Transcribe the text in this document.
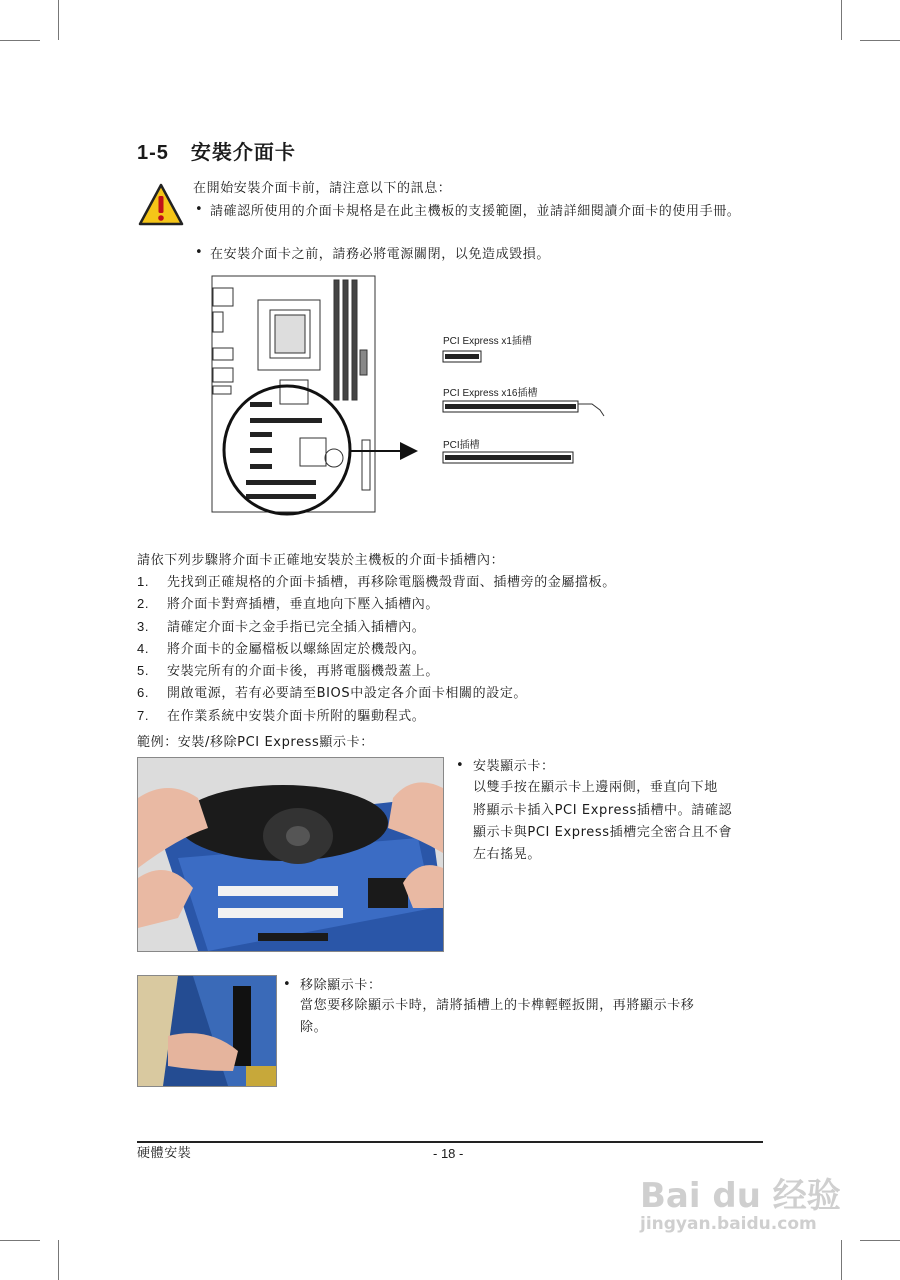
1-5 安裝介面卡
在開始安裝介面卡前，請注意以下的訊息：
• 請確認所使用的介面卡規格是在此主機板的支援範圍，並請詳細閱讀介面卡的使用手冊。
• 在安裝介面卡之前，請務必將電源關閉，以免造成毀損。
PCI Express x1插槽
PCI Express x16插槽
PCI插槽
請依下列步驟將介面卡正確地安裝於主機板的介面卡插槽內：
1. 先找到正確規格的介面卡插槽，再移除電腦機殼背面、插槽旁的金屬擋板。
2. 將介面卡對齊插槽，垂直地向下壓入插槽內。
3. 請確定介面卡之金手指已完全插入插槽內。
4. 將介面卡的金屬檔板以螺絲固定於機殼內。
5. 安裝完所有的介面卡後，再將電腦機殼蓋上。
6. 開啟電源，若有必要請至BIOS中設定各介面卡相關的設定。
7. 在作業系統中安裝介面卡所附的驅動程式。
範例：安裝/移除PCI Express顯示卡：
• 安裝顯示卡：
以雙手按在顯示卡上邊兩側，垂直向下地
將顯示卡插入PCI Express插槽中。請確認
顯示卡與PCI Express插槽完全密合且不會
左右搖晃。
• 移除顯示卡：
當您要移除顯示卡時，請將插槽上的卡榫輕輕扳開，再將顯示卡移
除。
硬體安裝	- 18 -
Bai du 经验
jingyan.baidu.com
